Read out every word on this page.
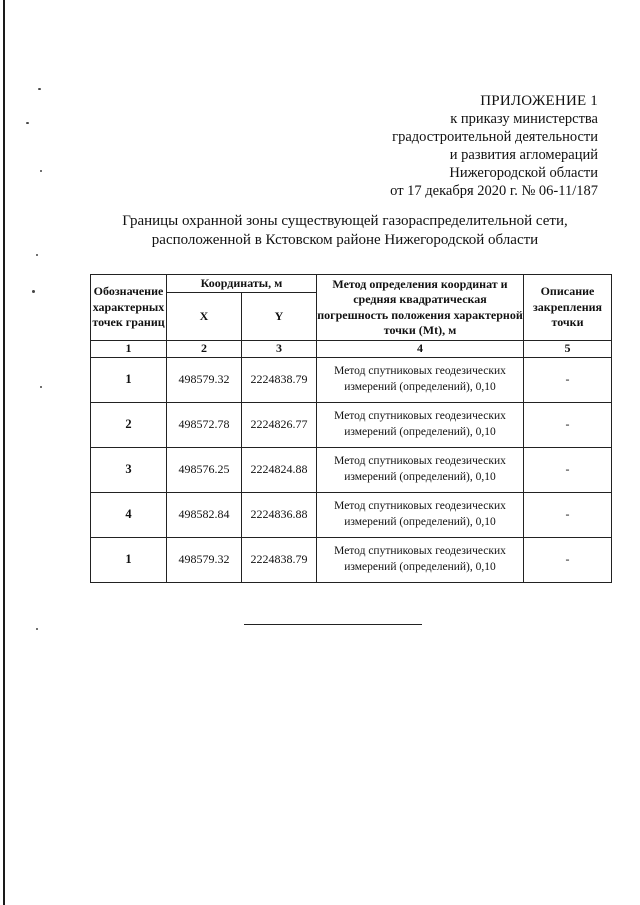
ПРИЛОЖЕНИЕ 1
к приказу министерства
градостроительной деятельности
и развития агломераций
Нижегородской области
от 17 декабря 2020 г. № 06-11/187
Границы охранной зоны существующей газораспределительной сети,
расположенной в Кстовском районе Нижегородской области
Обозначение характерных точек границ	Координаты, м		Метод определения координат и средняя квадратическая погрешность положения характерной точки (Mt), м	Описание закрепления точки
	X	Y		
1	2	3	4	5
1	498579.32	2224838.79	Метод спутниковых геодезических измерений (определений), 0,10	-
2	498572.78	2224826.77	Метод спутниковых геодезических измерений (определений), 0,10	-
3	498576.25	2224824.88	Метод спутниковых геодезических измерений (определений), 0,10	-
4	498582.84	2224836.88	Метод спутниковых геодезических измерений (определений), 0,10	-
1	498579.32	2224838.79	Метод спутниковых геодезических измерений (определений), 0,10	-
